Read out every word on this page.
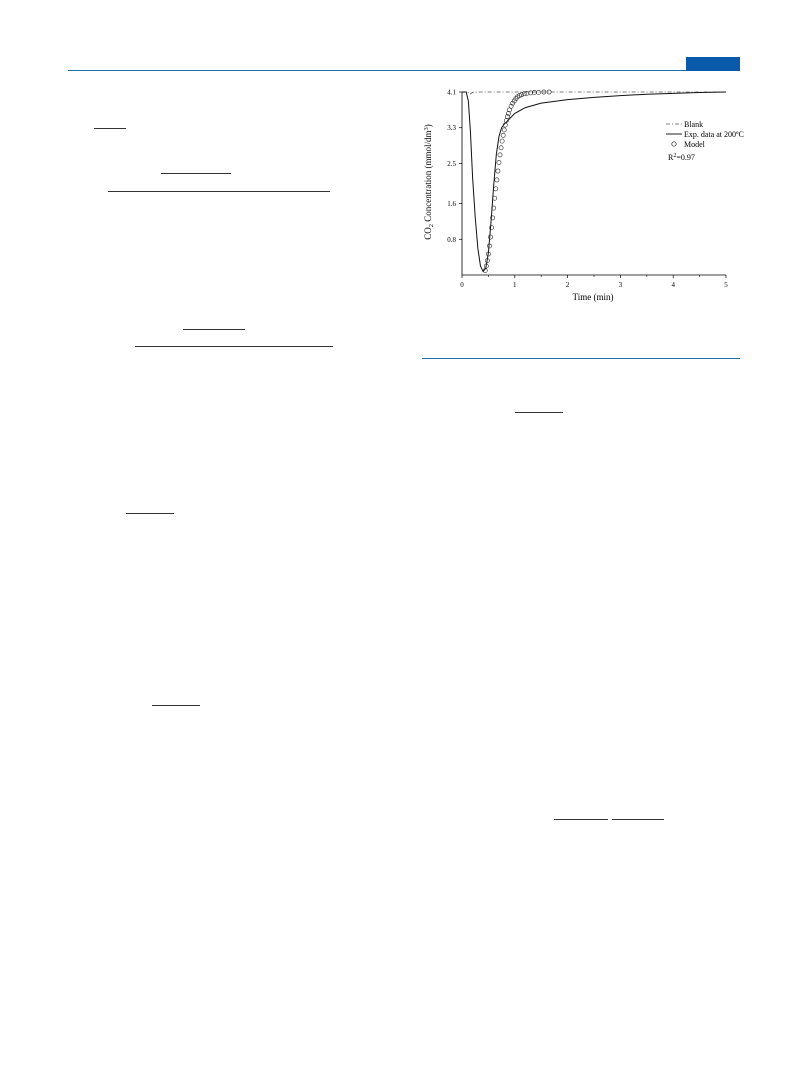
0	1	2	3	4	5
0.8
1.6
2.5
3.3
4.1
Time (min)
$CO_2$ Concentration $(mmol/dm^3)$	Blank
Exp. data at 200ºC
Model
$R^2=0.97$
